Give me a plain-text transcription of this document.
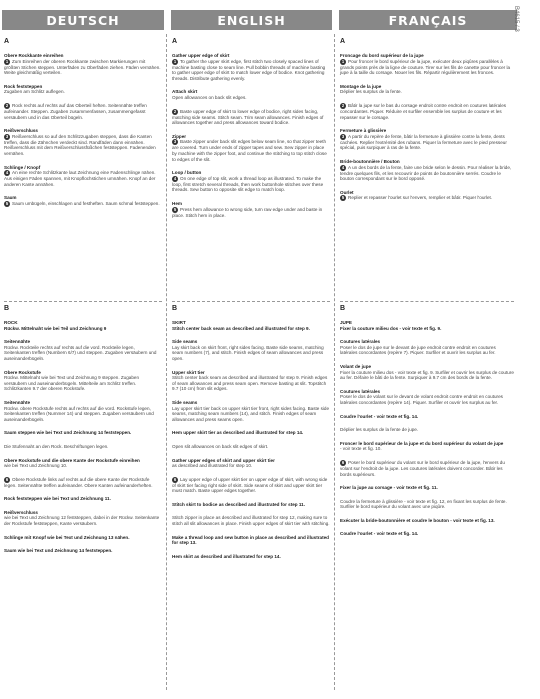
DEUTSCH	ENGLISH	FRANÇAIS	B4615 / 3
A
Obere Rockkante einreihen
1 Zum Einreihen der oberen Rockkante zwischen Markierungen mit größten Stichen steppen. Unterfäden zu Oberfäden ziehen. Fäden vernähen. Weite gleichmäßig verteilen.
Rock feststeppen
Zugaben am Schlitz auflegen.
2 Rock rechts auf rechts auf das Oberteil heften. Seitennähte treffen aufeinander. Steppen. Zugaben zusammenfassen, zusammengefasst versäubern und in das Oberteil bügeln.
Reißverschluss
3 Reißverschluss so auf den Schlitzzugaben steppen, dass die Kanten treffen, dass die Zähnchen verdeckt sind. Randfäden dann einnähen. Reißverschluss mit dem Reißverschlussfüßchen feststeppen. Fadenenden vernähen.
Schlinge / Knopf
4 An eine rechte Schlitzkante laut Zeichnung eine Fadenschlinge nähen. Aus einigen Fäden spannen, mit Knopflochstichen umnähen. Knopf an der anderen Kante annähen.
Saum
5 Saum umbügeln, einschlagen und festheften. Saum schmal feststeppen.
B
ROCK
Rückw. Mittelnaht wie bei Teil und Zeichnung 9
Seitennähte
Rückw. Rockteile rechts auf rechts auf die vord. Rockteile legen, Seitenkanten treffen (Numbern 6/7) und steppen. Zugaben versäubern und auseinanderbügeln.
Obere Rockstufe
Rückw. Mittelnaht wie bei Text und Zeichnung 9 steppen. Zugaben versäubern und auseinanderbügeln. Mittelteile am Schlitz treffen. Schlitzkanten 9.7 der oberen Rockstufe.
Seitennähte
Rückw. obere Rockstufe rechts auf rechts auf die vord. Rockstufe legen, Seitenkanten treffen (Nummer 14) und steppen. Zugaben versäubern und auseinanderbügeln.
Saum steppen wie bei Text und Zeichnung 14 feststeppen.
Die Stufennaht an den Rock. Beschriftungen legen.
Obere Rockstufe und die obere Kante der Rockstufe einreihen
wie bei Text und Zeichnung 10.
6 Obere Rockstufe links auf rechts auf die obere Kante der Rockstufe legen. Seitennähte treffen aufeinander. Obere Kanten aufeinanderheften.
Rock feststeppen wie bei Text und Zeichnung 11.
Reißverschluss
wie bei Text und Zeichnung 12 feststeppen, dabei in der Rückw. Seitenkante der Rockstufe feststeppen, Kante versäubern.
Schlinge mit Knopf wie bei Text und Zeichnung 13 nähen.
Saum wie bei Text und Zeichnung 14 feststeppen.
A
Gather upper edge of skirt
1 To gather the upper skirt edge, first stitch two closely spaced lines of machine basting close to seam line. Pull bobbin threads of machine basting to gather upper edge of skirt to match lower edge of bodice. Knot gathering threads. Distribute gathering evenly.
Attach skirt
Open allowances on back slit edges.
2 Baste upper edge of skirt to lower edge of bodice, right sides facing, matching side seams. Stitch seam. Trim seam allowances. Finish edges of allowances together and press allowances toward bodice.
Zipper
3 Baste zipper under back slit edges below seam line, so that zipper teeth are covered. Turn under ends of zipper tapes and sew. Sew zipper in place by machine with the zipper foot, and continue the stitching to top stitch close to edges of the slit.
Loop / button
4 On one edge of top slit, work a thread loop as illustrated. To make the loop, first stretch several threads, then work buttonhole stitches over these threads. Sew button to opposite slit edge to match loop.
Hem
5 Press hem allowance to wrong side, turn raw edge under and baste in place. Stitch hem in place.
B
SKIRT
Stitch center back seam as described and illustrated for step 9.
Side seams
Lay skirt back on skirt front, right sides facing. Baste side seams, matching seam numbers (7), and stitch. Finish edges of seam allowances and press open.
Upper skirt tier
Stitch center back seam as described and illustrated for step 9. Finish edges of seam allowances and press seam open. Remove basting at slit. Topstitch 9.7 (10 cm) from slit edges.
Side seams
Lay upper skirt tier back on upper skirt tier front, right sides facing. Baste side seams, matching seam numbers (14), and stitch. Finish edges of seam allowances and press seams open.
Hem upper skirt tier as described and illustrated for step 14.
Open slit allowances on back slit edges of skirt.
Gather upper edges of skirt and upper skirt tier
as described and illustrated for step 10.
6 Lay upper edge of upper skirt tier on upper edge of skirt, with wrong side of skirt tier facing right side of skirt. Side seams of skirt and upper skirt tier must match. Baste upper edges together.
Stitch skirt to bodice as described and illustrated for step 11.
Stitch zipper in place as described and illustrated for step 12, making sure to stitch all slit allowances in place. Finish upper edges of skirt tier with stitching.
Make a thread loop and sew button in place as described and illustrated for step 13.
Hem skirt as described and illustrated for step 14.
A
Froncage du bord supérieur de la jupe
1 Pour froncer le bord supérieur de la jupe, exécuter deux piqûres parallèles à grands points près de la ligne de couture. Tirer sur les fils de canette pour froncer la jupe à la taille du corsage. Nouer les fils. Répartir régulièrement les fronces.
Montage de la jupe
Déplier les surplus de la fente.
2 Bâtir la jupe sur le bas du corsage endroit contre endroit en coutures latérales concordantes. Piquer. Réduire et surfiler ensemble les surplus de couture et les repasser sur le corsage.
Fermeture à glissière
3 A partir du repère de fente, bâtir la fermeture à glissière contre la fente, dents cachées. Replier l'extrémité des rubans. Piquer la fermeture avec le pied presseur spécial, puis surpiquer à ras de la fente.
Bride-boutonnière / Bouton
4 A un des bords de la fente, faire une bride selon le dessin. Pour réaliser la bride, tendre quelques fils, et les recouvrir de points de boutonnière serrés. Coudre le bouton correspondant sur le bord opposé.
Ourlet
5 Replier et repasser l'ourlet sur l'envers, remplier et bâtir. Piquer l'ourlet.
B
JUPE
Fixer la couture milieu dos - voir texte et fig. 9.
Coutures latérales
Poser le dos de jupe sur le devant de jupe endroit contre endroit en coutures latérales concordantes (repère 7). Piquer. Surfiler et ouvrir les surplus au fer.
Volant de jupe
Fixer la couture milieu dos - voir texte et fig. 9. Surfiler et ouvrir les surplus de couture au fer. Défaire le bâti de la fente. Surpiquer à 9.7 cm des bords de la fente.
Coutures latérales
Poser le dos de volant sur le devant de volant endroit contre endroit en coutures latérales concordantes (repère 14). Piquer. Surfiler et ouvrir les surplus au fer.
Coudre l'ourlet - voir texte et fig. 14.
Déplier les surplus de la fente de jupe.
Froncer le bord supérieur de la jupe et du bord supérieur du volant de jupe
- voir texte et fig. 10.
6 Poser le bord supérieur du volant sur le bord supérieur de la jupe, l'envers du volant sur l'endroit de la jupe. Les coutures latérales doivent concorder. Bâtir les bords supérieurs.
Fixer la jupe au corsage - voir texte et fig. 11.
Coudre la fermeture à glissière - voir texte et fig. 12, en fixant les surplus de fente. Surfiler le bord supérieur du volant avec une piqûre.
Exécuter la bride-boutonnière et coudre le bouton - voir texte et fig. 13.
Coudre l'ourlet - voir texte et fig. 14.
